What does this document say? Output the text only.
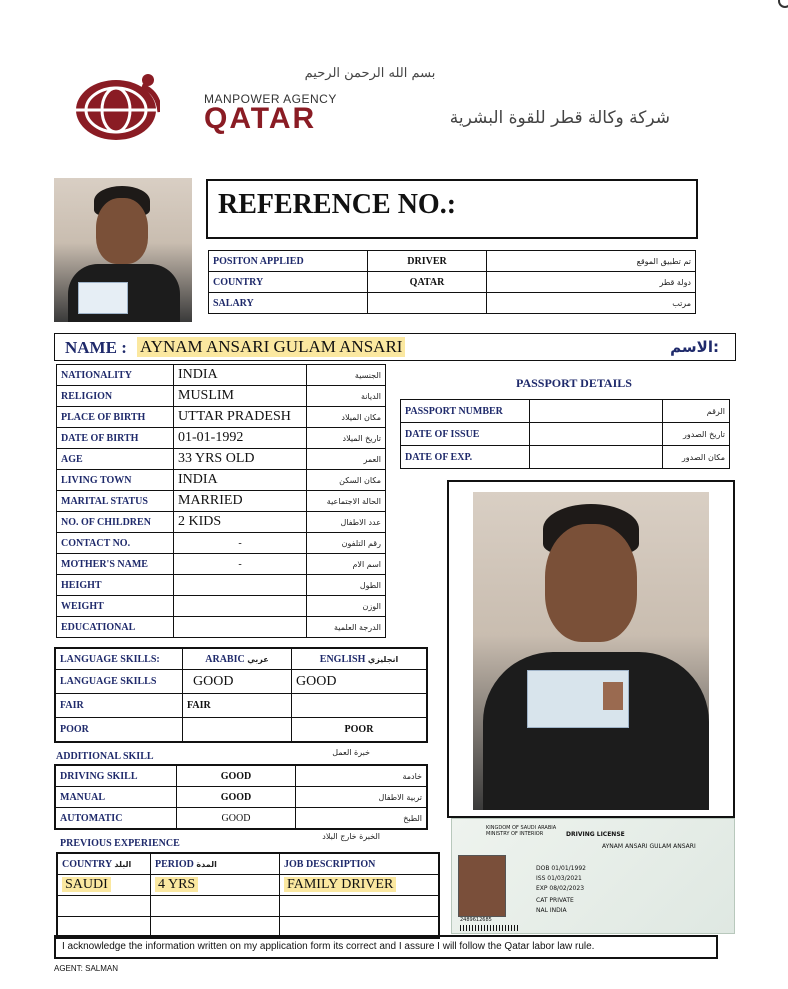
بسم الله الرحمن الرحيم
MANPOWER AGENCY
QATAR	شركة وكالة قطر للقوة البشرية
REFERENCE NO.:
POSITON APPLIED	DRIVER	تم تطبيق الموقع
COUNTRY	QATAR	دولة قطر
SALARY		مرتب
NAME : AYNAM ANSARI GULAM ANSARI	الاسم:
NATIONALITY	INDIA	الجنسية
RELIGION	MUSLIM	الديانة
PLACE OF BIRTH	UTTAR PRADESH	مكان الميلاد
DATE OF BIRTH	01-01-1992	تاريخ الميلاد
AGE	33 YRS OLD	العمر
LIVING TOWN	INDIA	مكان السكن
MARITAL STATUS	MARRIED	الحالة الاجتماعية
NO. OF CHILDREN	2 KIDS	عدد الاطفال
CONTACT NO.	-	رقم التلفون
MOTHER'S NAME	-	اسم الام
HEIGHT		الطول
WEIGHT		الوزن
EDUCATIONAL		الدرجة العلمية
PASSPORT DETAILS
PASSPORT NUMBER		الرقم
DATE OF ISSUE		تاريخ الصدور
DATE OF EXP.		مكان الصدور
LANGUAGE SKILLS:	ARABIC عربي	ENGLISH انجليزي
LANGUAGE SKILLS	GOOD	GOOD
FAIR	FAIR	
POOR		POOR
ADDITIONAL SKILL	خبرة العمل
DRIVING SKILL	GOOD	خادمة
MANUAL	GOOD	تربية الاطفال
AUTOMATIC	GOOD	الطبخ
PREVIOUS EXPERIENCE
الخبرة خارج البلاد
COUNTRY البلد	PERIOD المدة	JOB DESCRIPTION
SAUDI	4 YRS	FAMILY DRIVER

KINGDOM OF SAUDI ARABIA
MINISTRY OF INTERIOR	DRIVING LICENSE
AYNAM ANSARI GULAM ANSARI
DOB 01/01/1992
ISS 01/03/2021
EXP 08/02/2023
CAT PRIVATE
NAL INDIA
2489612685
I acknowledge the information written on my application form its correct and I assure I will follow the Qatar labor law rule.
AGENT: SALMAN
